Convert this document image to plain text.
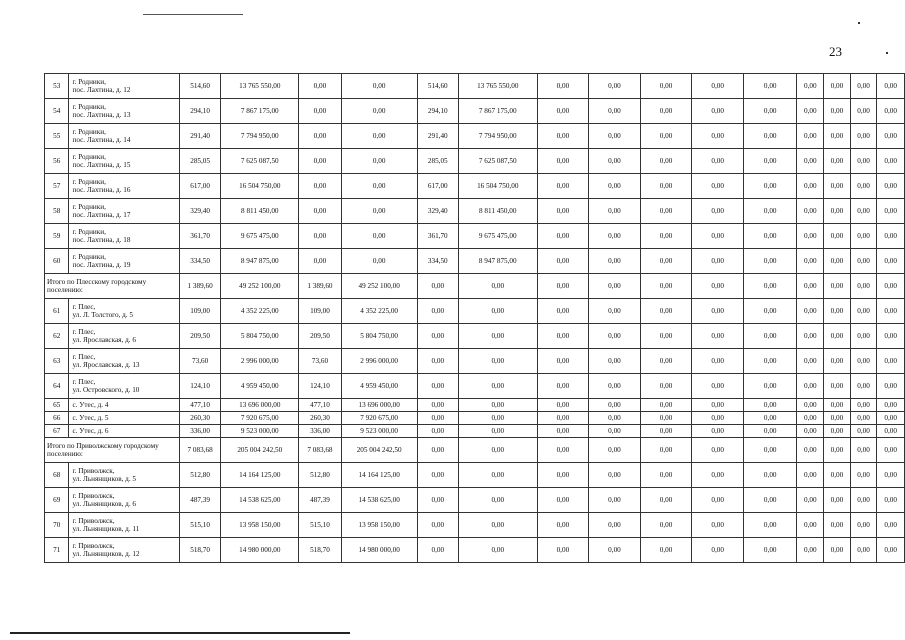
23
53	г. Родники,
пос. Лахтина, д. 12	514,60	13 765 550,00	0,00	0,00	514,60	13 765 550,00	0,00	0,00	0,00	0,00	0,00	0,00	0,00	0,00	0,00
54	г. Родники,
пос. Лахтина, д. 13	294,10	7 867 175,00	0,00	0,00	294,10	7 867 175,00	0,00	0,00	0,00	0,00	0,00	0,00	0,00	0,00	0,00
55	г. Родники,
пос. Лахтина, д. 14	291,40	7 794 950,00	0,00	0,00	291,40	7 794 950,00	0,00	0,00	0,00	0,00	0,00	0,00	0,00	0,00	0,00
56	г. Родники,
пос. Лахтина, д. 15	285,05	7 625 087,50	0,00	0,00	285,05	7 625 087,50	0,00	0,00	0,00	0,00	0,00	0,00	0,00	0,00	0,00
57	г. Родники,
пос. Лахтина, д. 16	617,00	16 504 750,00	0,00	0,00	617,00	16 504 750,00	0,00	0,00	0,00	0,00	0,00	0,00	0,00	0,00	0,00
58	г. Родники,
пос. Лахтина, д. 17	329,40	8 811 450,00	0,00	0,00	329,40	8 811 450,00	0,00	0,00	0,00	0,00	0,00	0,00	0,00	0,00	0,00
59	г. Родники,
пос. Лахтина, д. 18	361,70	9 675 475,00	0,00	0,00	361,70	9 675 475,00	0,00	0,00	0,00	0,00	0,00	0,00	0,00	0,00	0,00
60	г. Родники,
пос. Лахтина, д. 19	334,50	8 947 875,00	0,00	0,00	334,50	8 947 875,00	0,00	0,00	0,00	0,00	0,00	0,00	0,00	0,00	0,00
Итого по Плесскому городскому поселению:		1 389,60	49 252 100,00	1 389,60	49 252 100,00	0,00	0,00	0,00	0,00	0,00	0,00	0,00	0,00	0,00	0,00	0,00
61	г. Плес,
ул. Л. Толстого, д. 5	109,00	4 352 225,00	109,00	4 352 225,00	0,00	0,00	0,00	0,00	0,00	0,00	0,00	0,00	0,00	0,00	0,00
62	г. Плес,
ул. Ярославская, д. 6	209,50	5 804 750,00	209,50	5 804 750,00	0,00	0,00	0,00	0,00	0,00	0,00	0,00	0,00	0,00	0,00	0,00
63	г. Плес,
ул. Ярославская, д. 13	73,60	2 996 000,00	73,60	2 996 000,00	0,00	0,00	0,00	0,00	0,00	0,00	0,00	0,00	0,00	0,00	0,00
64	г. Плес,
ул. Островского, д. 10	124,10	4 959 450,00	124,10	4 959 450,00	0,00	0,00	0,00	0,00	0,00	0,00	0,00	0,00	0,00	0,00	0,00
65	с. Утес, д. 4	477,10	13 696 000,00	477,10	13 696 000,00	0,00	0,00	0,00	0,00	0,00	0,00	0,00	0,00	0,00	0,00	0,00
66	с. Утес, д. 5	260,30	7 920 675,00	260,30	7 920 675,00	0,00	0,00	0,00	0,00	0,00	0,00	0,00	0,00	0,00	0,00	0,00
67	с. Утес, д. 6	336,00	9 523 000,00	336,00	9 523 000,00	0,00	0,00	0,00	0,00	0,00	0,00	0,00	0,00	0,00	0,00	0,00
Итого по Приволжскому городскому поселению:		7 083,68	205 004 242,50	7 083,68	205 004 242,50	0,00	0,00	0,00	0,00	0,00	0,00	0,00	0,00	0,00	0,00	0,00
68	г. Приволжск,
ул. Льнянщиков, д. 5	512,80	14 164 125,00	512,80	14 164 125,00	0,00	0,00	0,00	0,00	0,00	0,00	0,00	0,00	0,00	0,00	0,00
69	г. Приволжск,
ул. Льнянщиков, д. 6	487,39	14 538 625,00	487,39	14 538 625,00	0,00	0,00	0,00	0,00	0,00	0,00	0,00	0,00	0,00	0,00	0,00
70	г. Приволжск,
ул. Льнянщиков, д. 11	515,10	13 958 150,00	515,10	13 958 150,00	0,00	0,00	0,00	0,00	0,00	0,00	0,00	0,00	0,00	0,00	0,00
71	г. Приволжск,
ул. Льнянщиков, д. 12	518,70	14 980 000,00	518,70	14 980 000,00	0,00	0,00	0,00	0,00	0,00	0,00	0,00	0,00	0,00	0,00	0,00
